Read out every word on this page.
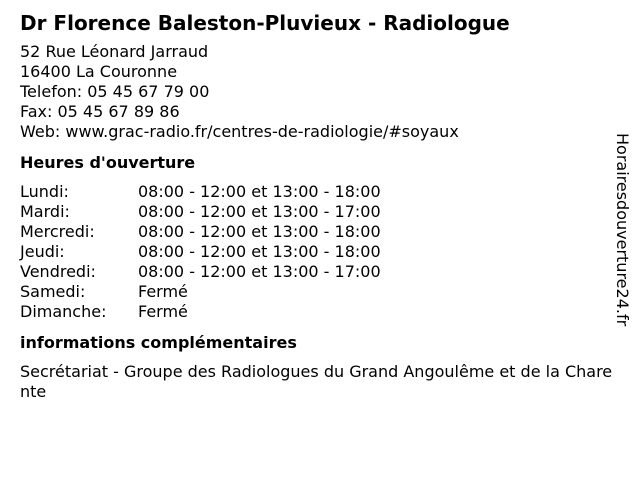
Dr Florence Baleston-Pluvieux - Radiologue
52 Rue Léonard Jarraud
16400 La Couronne
Telefon: 05 45 67 79 00
Fax: 05 45 67 89 86
Web: www.grac-radio.fr/centres-de-radiologie/#soyaux
Heures d'ouverture
Lundi:	08:00 - 12:00 et 13:00 - 18:00
Mardi:	08:00 - 12:00 et 13:00 - 17:00
Mercredi:	08:00 - 12:00 et 13:00 - 18:00
Jeudi:	08:00 - 12:00 et 13:00 - 18:00
Vendredi:	08:00 - 12:00 et 13:00 - 17:00
Samedi:	Fermé
Dimanche:	Fermé
informations complémentaires
Secrétariat - Groupe des Radiologues du Grand Angoulême et de la Charente
Horairesdouverture24.fr
